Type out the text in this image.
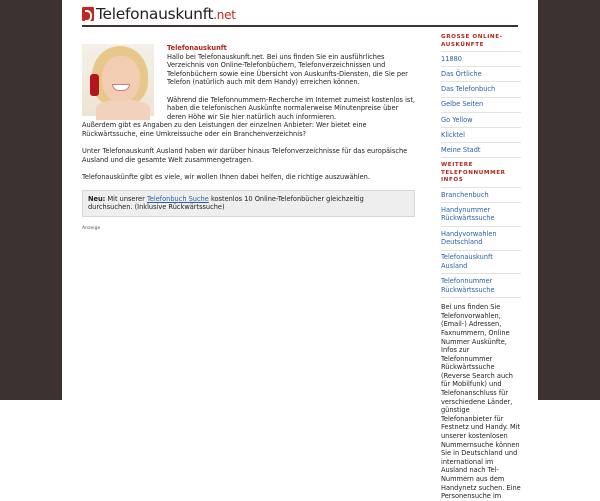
Telefonauskunft.net
Telefonauskunft
Hallo bei Telefonauskunft.net. Bei uns finden Sie ein ausführliches Verzeichnis von Online-Telefonbüchern, Telefonverzeichnissen und Telefonbüchern sowie eine Übersicht von Auskunfts-Diensten, die Sie per Telefon (natürlich auch mit dem Handy) erreichen können.
Während die Telefonnummern-Recherche im Internet zumeist kostenlos ist, haben die telefonischen Auskünfte normalerweise Minutenpreise über deren Höhe wir Sie hier natürlich auch informieren.

Außerdem gibt es Angaben zu den Leistungen der einzelnen Anbieter: Wer bietet eine Rückwärtssuche, eine Umkreissuche oder ein Branchenverzeichnis?

Unter Telefonauskunft Ausland haben wir darüber hinaus Telefonverzeichnisse für das europäische Ausland und die gesamte Welt zusammengetragen.

Telefonauskünfte gibt es viele, wir wollen Ihnen dabei helfen, die richtige auszuwählen.

Neu: Mit unserer Telefonbuch Suche kostenlos 10 Online-Telefonbücher gleichzeitig durchsuchen. (Inklusive Rückwärtssuche)
Anzeige
GROSSE ONLINE-AUSKÜNFTE
11880
Das Örtliche
Das Telefonbuch
Gelbe Seiten
Go Yellow
Klicktel
Meine Stadt
WEITERE TELEFONNUMMER INFOS
Branchenbuch
Handynummer Rückwärtssuche
Handyvorwahlen Deutschland
Telefonauskunft Ausland
Telefonnummer Rückwärtssuche
Bei uns finden Sie Telefonvorwahlen, (Email-) Adressen, Faxnummern, Online Nummer Auskünfte, Infos zur Telefonnummer Rückwärtssuche (Reverse Search auch für Mobilfunk) und Telefonanschluss für verschiedene Länder, günstige Telefonanbieter für Festnetz und Handy. Mit unserer kostenlosen Nummernsuche können Sie in Deutschland und international im Ausland nach Tel-Nummern aus dem Handynetz suchen. Eine Personensuche im
